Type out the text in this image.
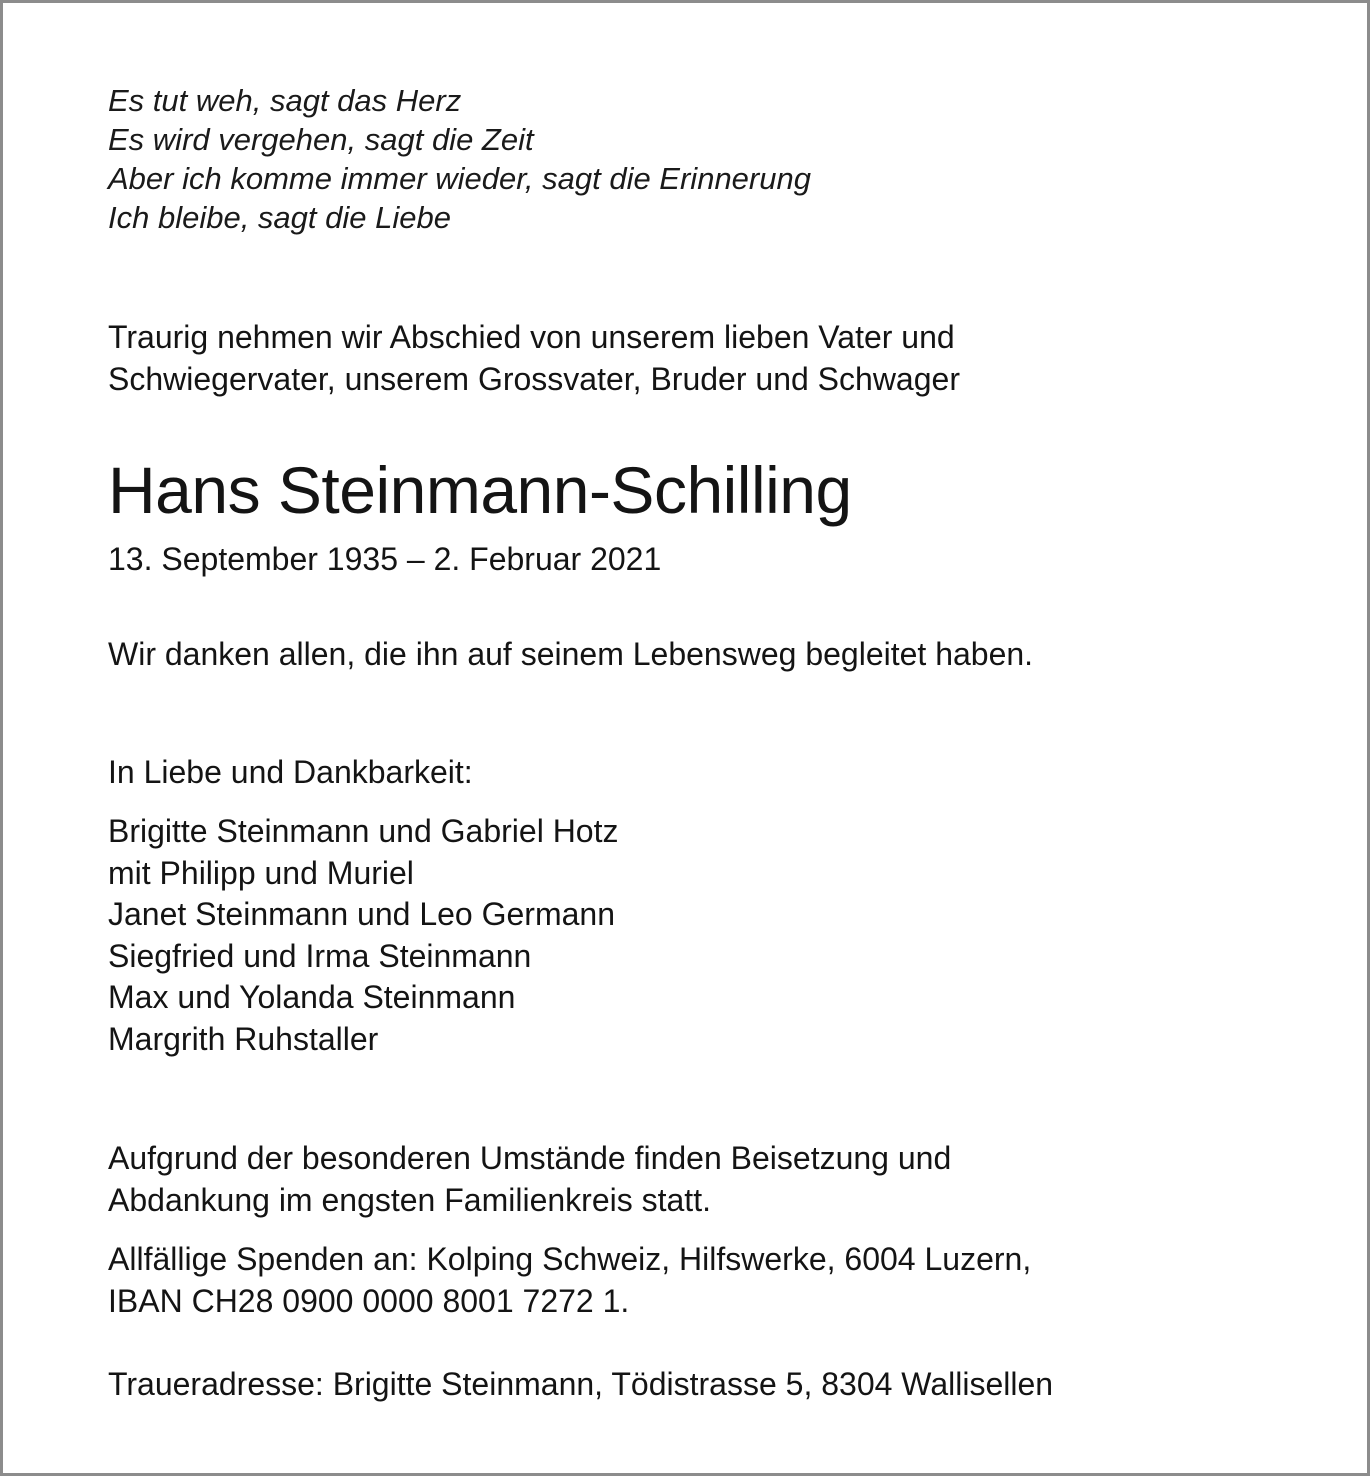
Es tut weh, sagt das Herz
Es wird vergehen, sagt die Zeit
Aber ich komme immer wieder, sagt die Erinnerung
Ich bleibe, sagt die Liebe
Traurig nehmen wir Abschied von unserem lieben Vater und
Schwiegervater, unserem Grossvater, Bruder und Schwager
Hans Steinmann-Schilling
13. September 1935 – 2. Februar 2021
Wir danken allen, die ihn auf seinem Lebensweg begleitet haben.
In Liebe und Dankbarkeit:
Brigitte Steinmann und Gabriel Hotz
mit Philipp und Muriel
Janet Steinmann und Leo Germann
Siegfried und Irma Steinmann
Max und Yolanda Steinmann
Margrith Ruhstaller
Aufgrund der besonderen Umstände finden Beisetzung und
Abdankung im engsten Familienkreis statt.
Allfällige Spenden an: Kolping Schweiz, Hilfswerke, 6004 Luzern,
IBAN CH28 0900 0000 8001 7272 1.
Traueradresse: Brigitte Steinmann, Tödistrasse 5, 8304 Wallisellen
